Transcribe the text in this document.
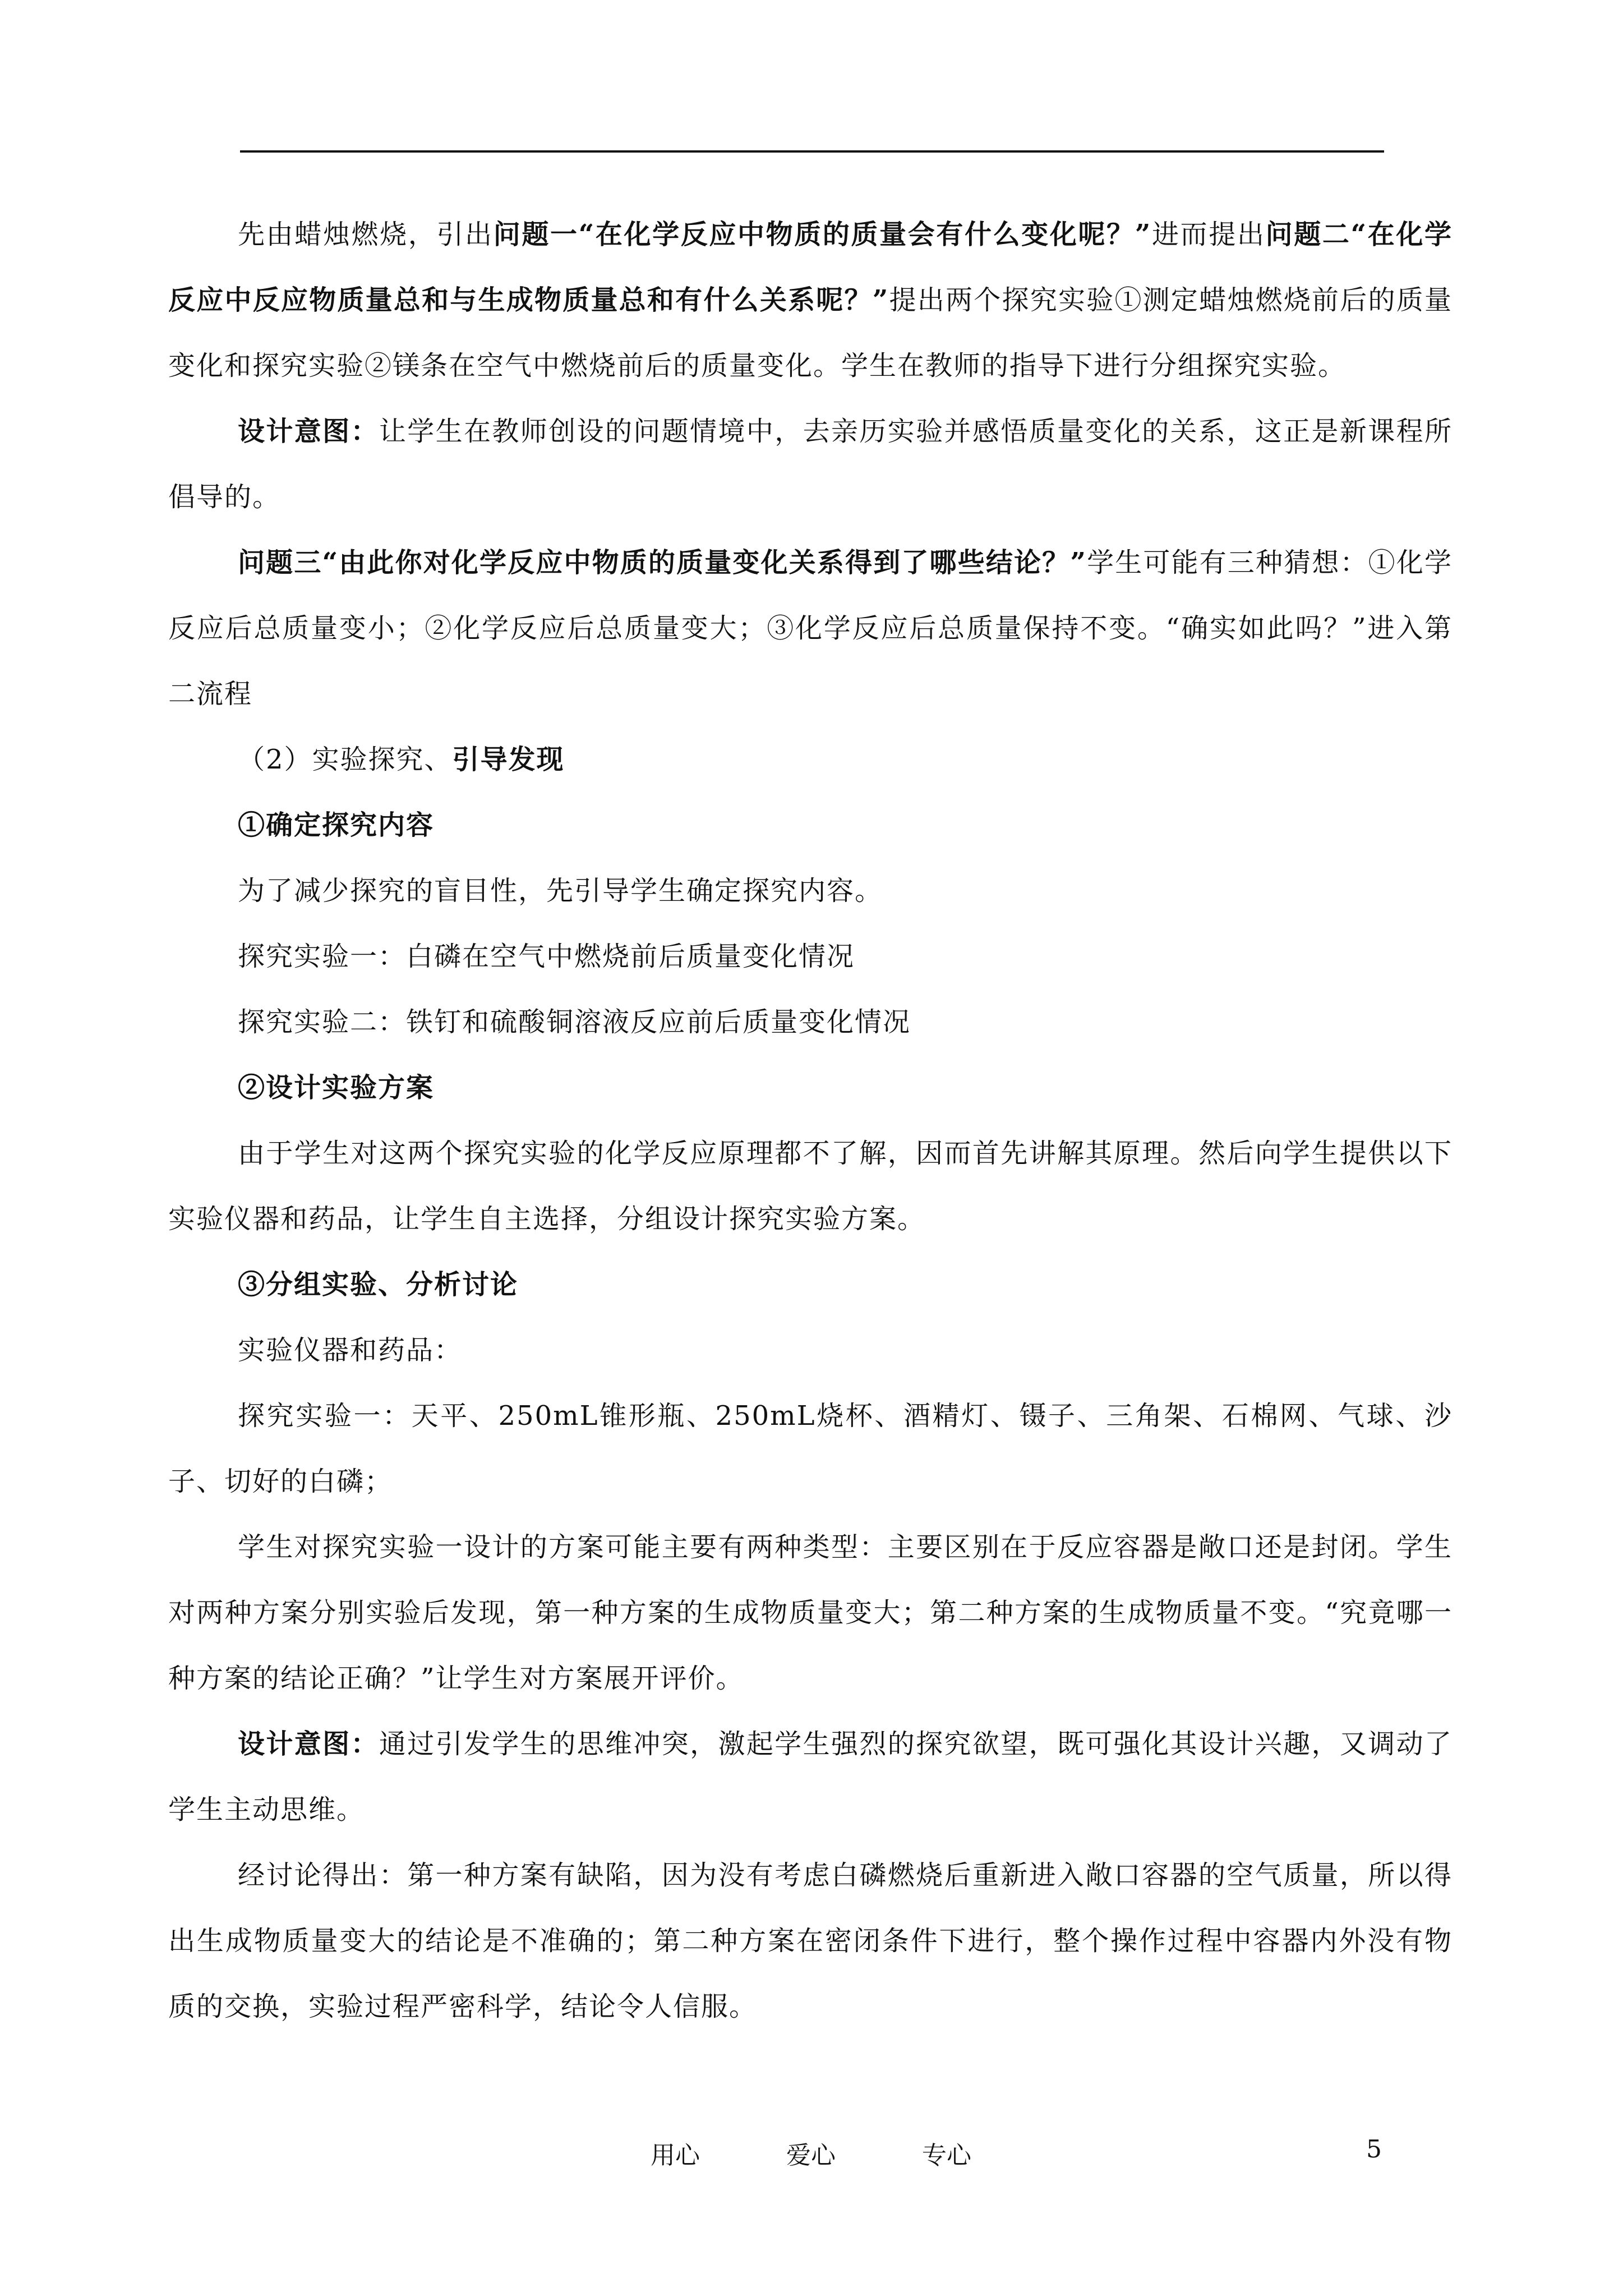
先由蜡烛燃烧，引出问题一“在化学反应中物质的质量会有什么变化呢？”进而提出问题二“在化学反应中反应物质量总和与生成物质量总和有什么关系呢？”提出两个探究实验①测定蜡烛燃烧前后的质量变化和探究实验②镁条在空气中燃烧前后的质量变化。学生在教师的指导下进行分组探究实验。

设计意图：让学生在教师创设的问题情境中，去亲历实验并感悟质量变化的关系，这正是新课程所倡导的。

问题三“由此你对化学反应中物质的质量变化关系得到了哪些结论？”学生可能有三种猜想：①化学反应后总质量变小；②化学反应后总质量变大；③化学反应后总质量保持不变。“确实如此吗？”进入第二流程

（2）实验探究、引导发现

①确定探究内容

为了减少探究的盲目性，先引导学生确定探究内容。

探究实验一：白磷在空气中燃烧前后质量变化情况

探究实验二：铁钉和硫酸铜溶液反应前后质量变化情况

②设计实验方案

由于学生对这两个探究实验的化学反应原理都不了解，因而首先讲解其原理。然后向学生提供以下实验仪器和药品，让学生自主选择，分组设计探究实验方案。

③分组实验、分析讨论

实验仪器和药品：

探究实验一：天平、250mL锥形瓶、250mL烧杯、酒精灯、镊子、三角架、石棉网、气球、沙子、切好的白磷；

学生对探究实验一设计的方案可能主要有两种类型：主要区别在于反应容器是敞口还是封闭。学生对两种方案分别实验后发现，第一种方案的生成物质量变大；第二种方案的生成物质量不变。“究竟哪一种方案的结论正确？”让学生对方案展开评价。

设计意图：通过引发学生的思维冲突，激起学生强烈的探究欲望，既可强化其设计兴趣，又调动了学生主动思维。

经讨论得出：第一种方案有缺陷，因为没有考虑白磷燃烧后重新进入敞口容器的空气质量，所以得出生成物质量变大的结论是不准确的；第二种方案在密闭条件下进行，整个操作过程中容器内外没有物质的交换，实验过程严密科学，结论令人信服。

用心	爱心	专心	5
